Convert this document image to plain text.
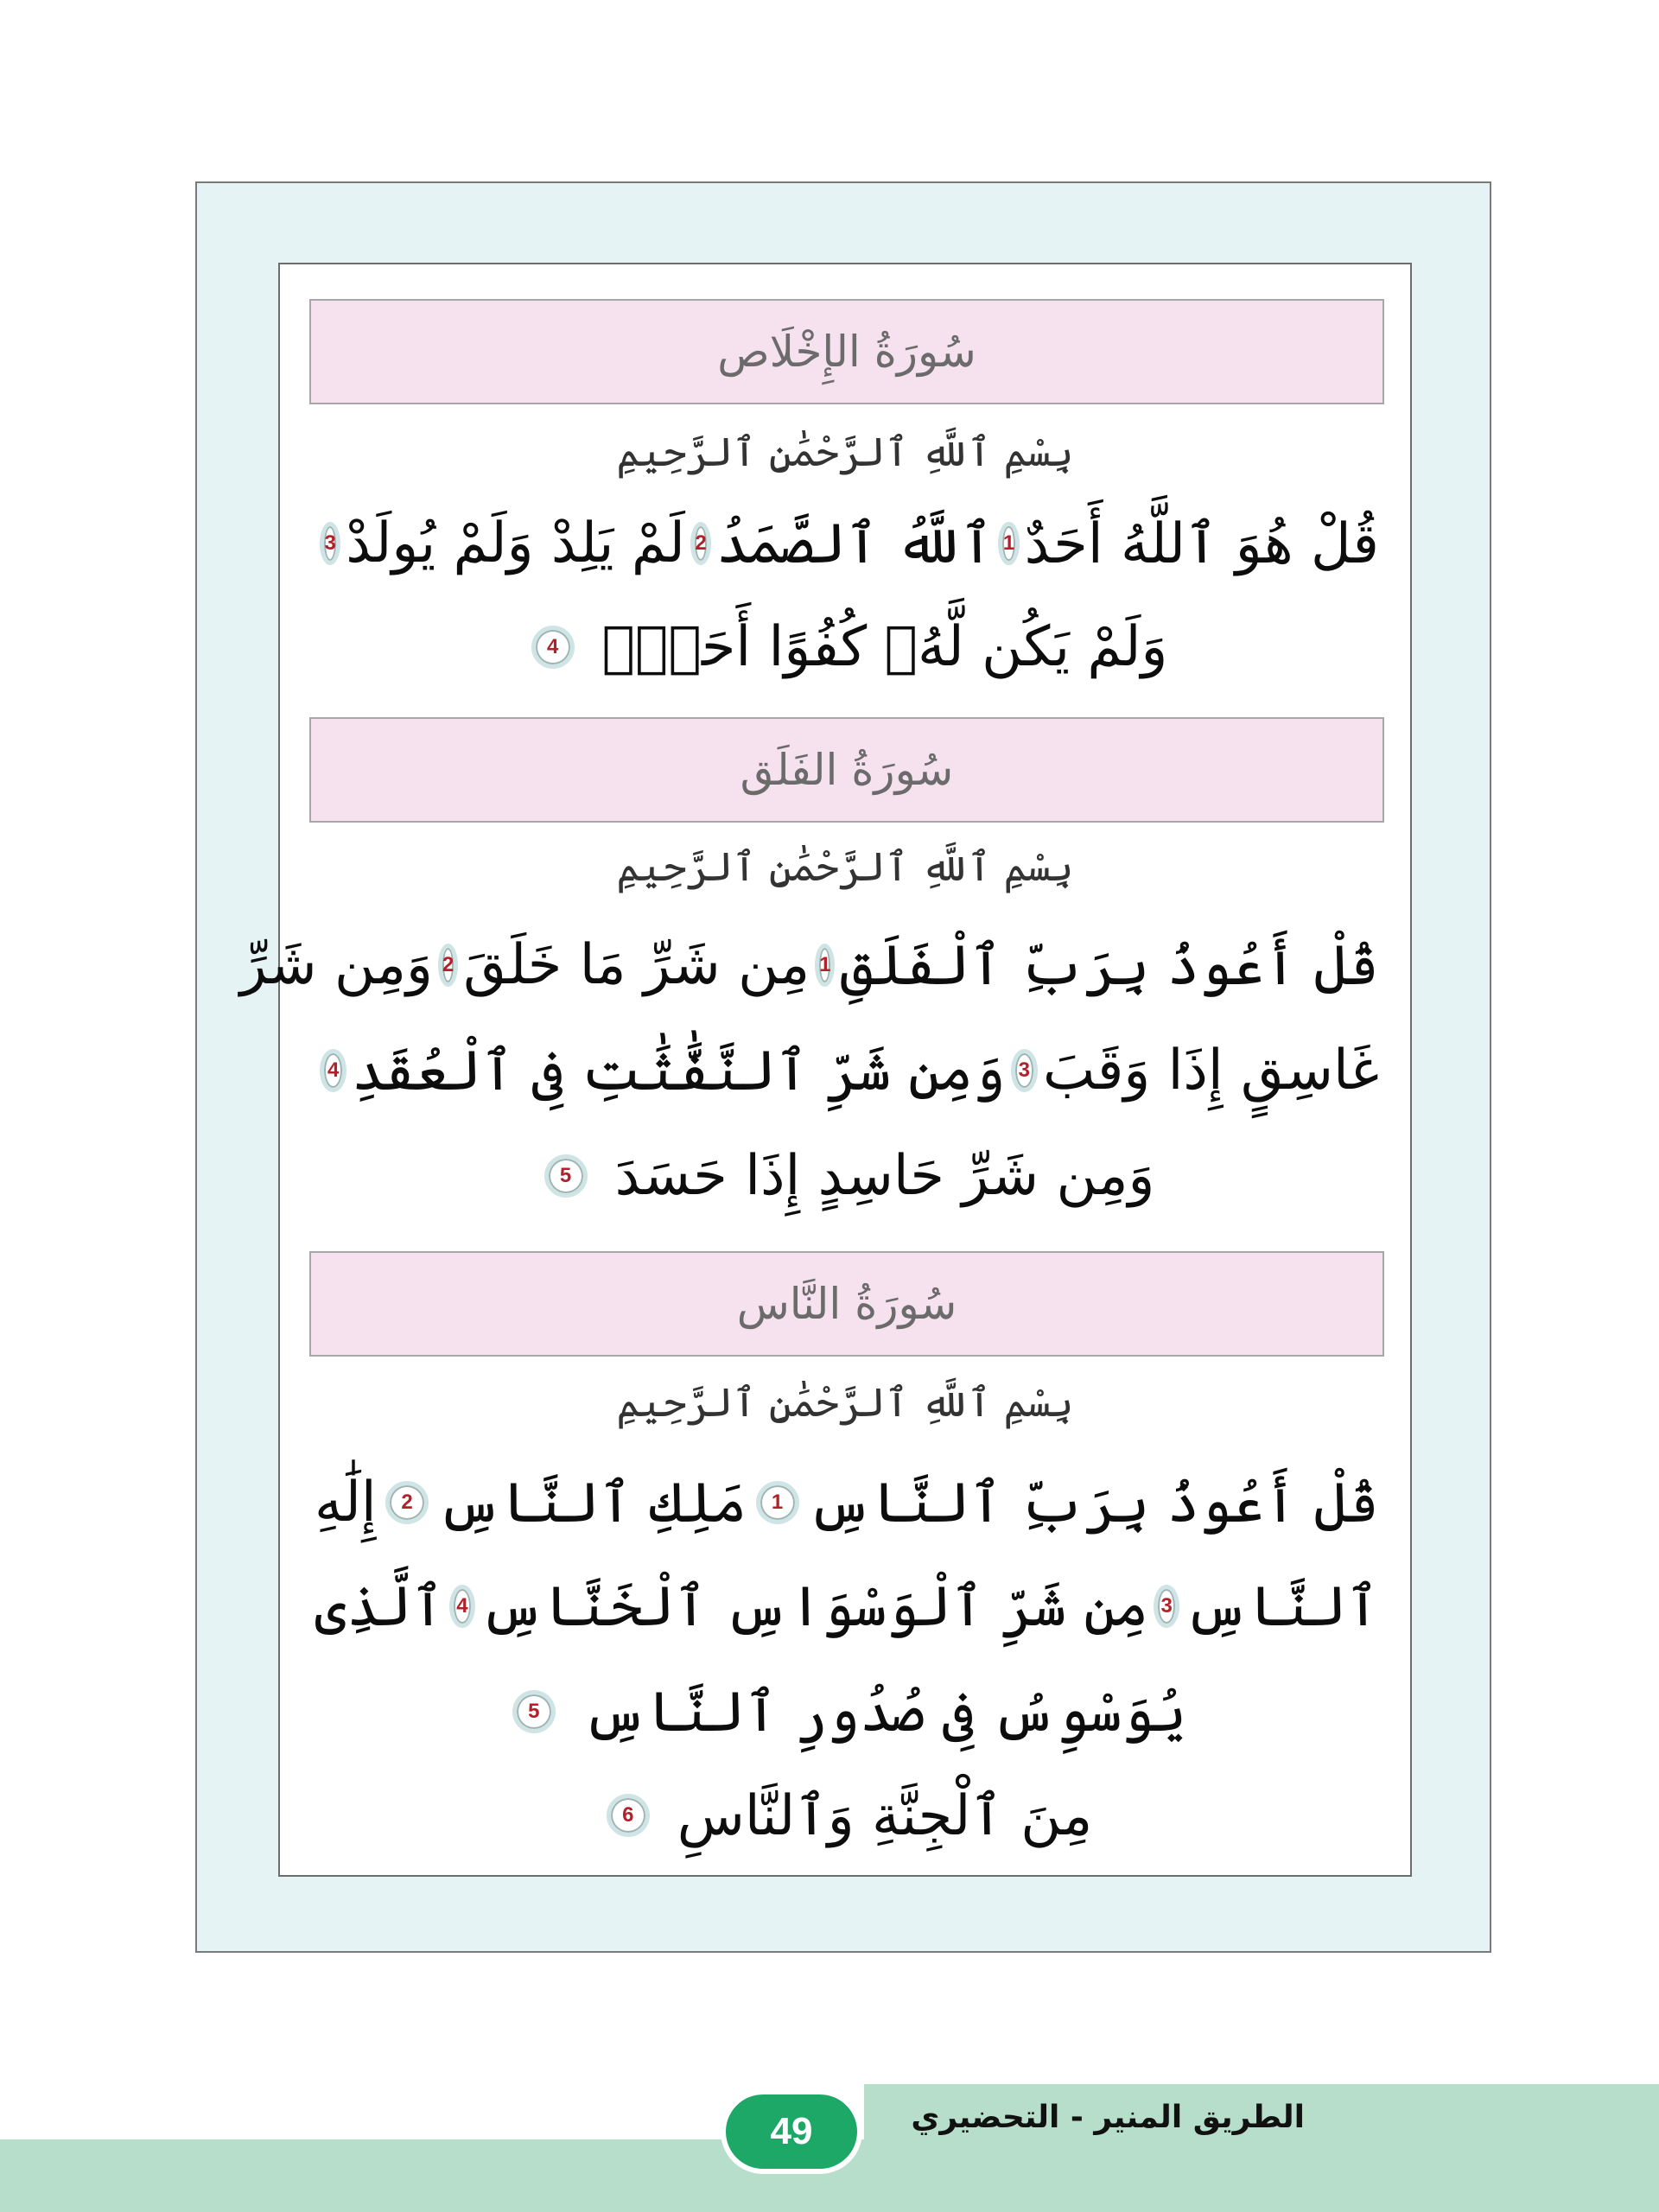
سُورَةُ الإِخْلَاص
بِسْمِ ٱللَّهِ ٱلرَّحْمَٰنِ ٱلرَّحِيمِ
قُلْ هُوَ ٱللَّهُ أَحَدٌ
1
ٱللَّهُ ٱلصَّمَدُ
2
لَمْ يَلِدْ وَلَمْ يُولَدْ
3
وَلَمْ يَكُن لَّهُۥ كُفُوًا أَحَدٌۢ
4
سُورَةُ الفَلَق
بِسْمِ ٱللَّهِ ٱلرَّحْمَٰنِ ٱلرَّحِيمِ
قُلْ أَعُوذُ بِرَبِّ ٱلْفَلَقِ
1
مِن شَرِّ مَا خَلَقَ
2
وَمِن شَرِّ
غَاسِقٍ إِذَا وَقَبَ
3
وَمِن شَرِّ ٱلنَّفَّٰثَٰتِ فِى ٱلْعُقَدِ
4
وَمِن شَرِّ حَاسِدٍ إِذَا حَسَدَ
5
سُورَةُ النَّاس
بِسْمِ ٱللَّهِ ٱلرَّحْمَٰنِ ٱلرَّحِيمِ
قُلْ أَعُوذُ بِرَبِّ ٱلنَّاسِ
1
مَلِكِ ٱلنَّاسِ
2
إِلَٰهِ
ٱلنَّاسِ
3
مِن شَرِّ ٱلْوَسْوَاسِ ٱلْخَنَّاسِ
4
ٱلَّذِى
يُوَسْوِسُ فِى صُدُورِ ٱلنَّاسِ
5
مِنَ ٱلْجِنَّةِ وَٱلنَّاسِ
6
الطريق المنير - التحضيري
49
